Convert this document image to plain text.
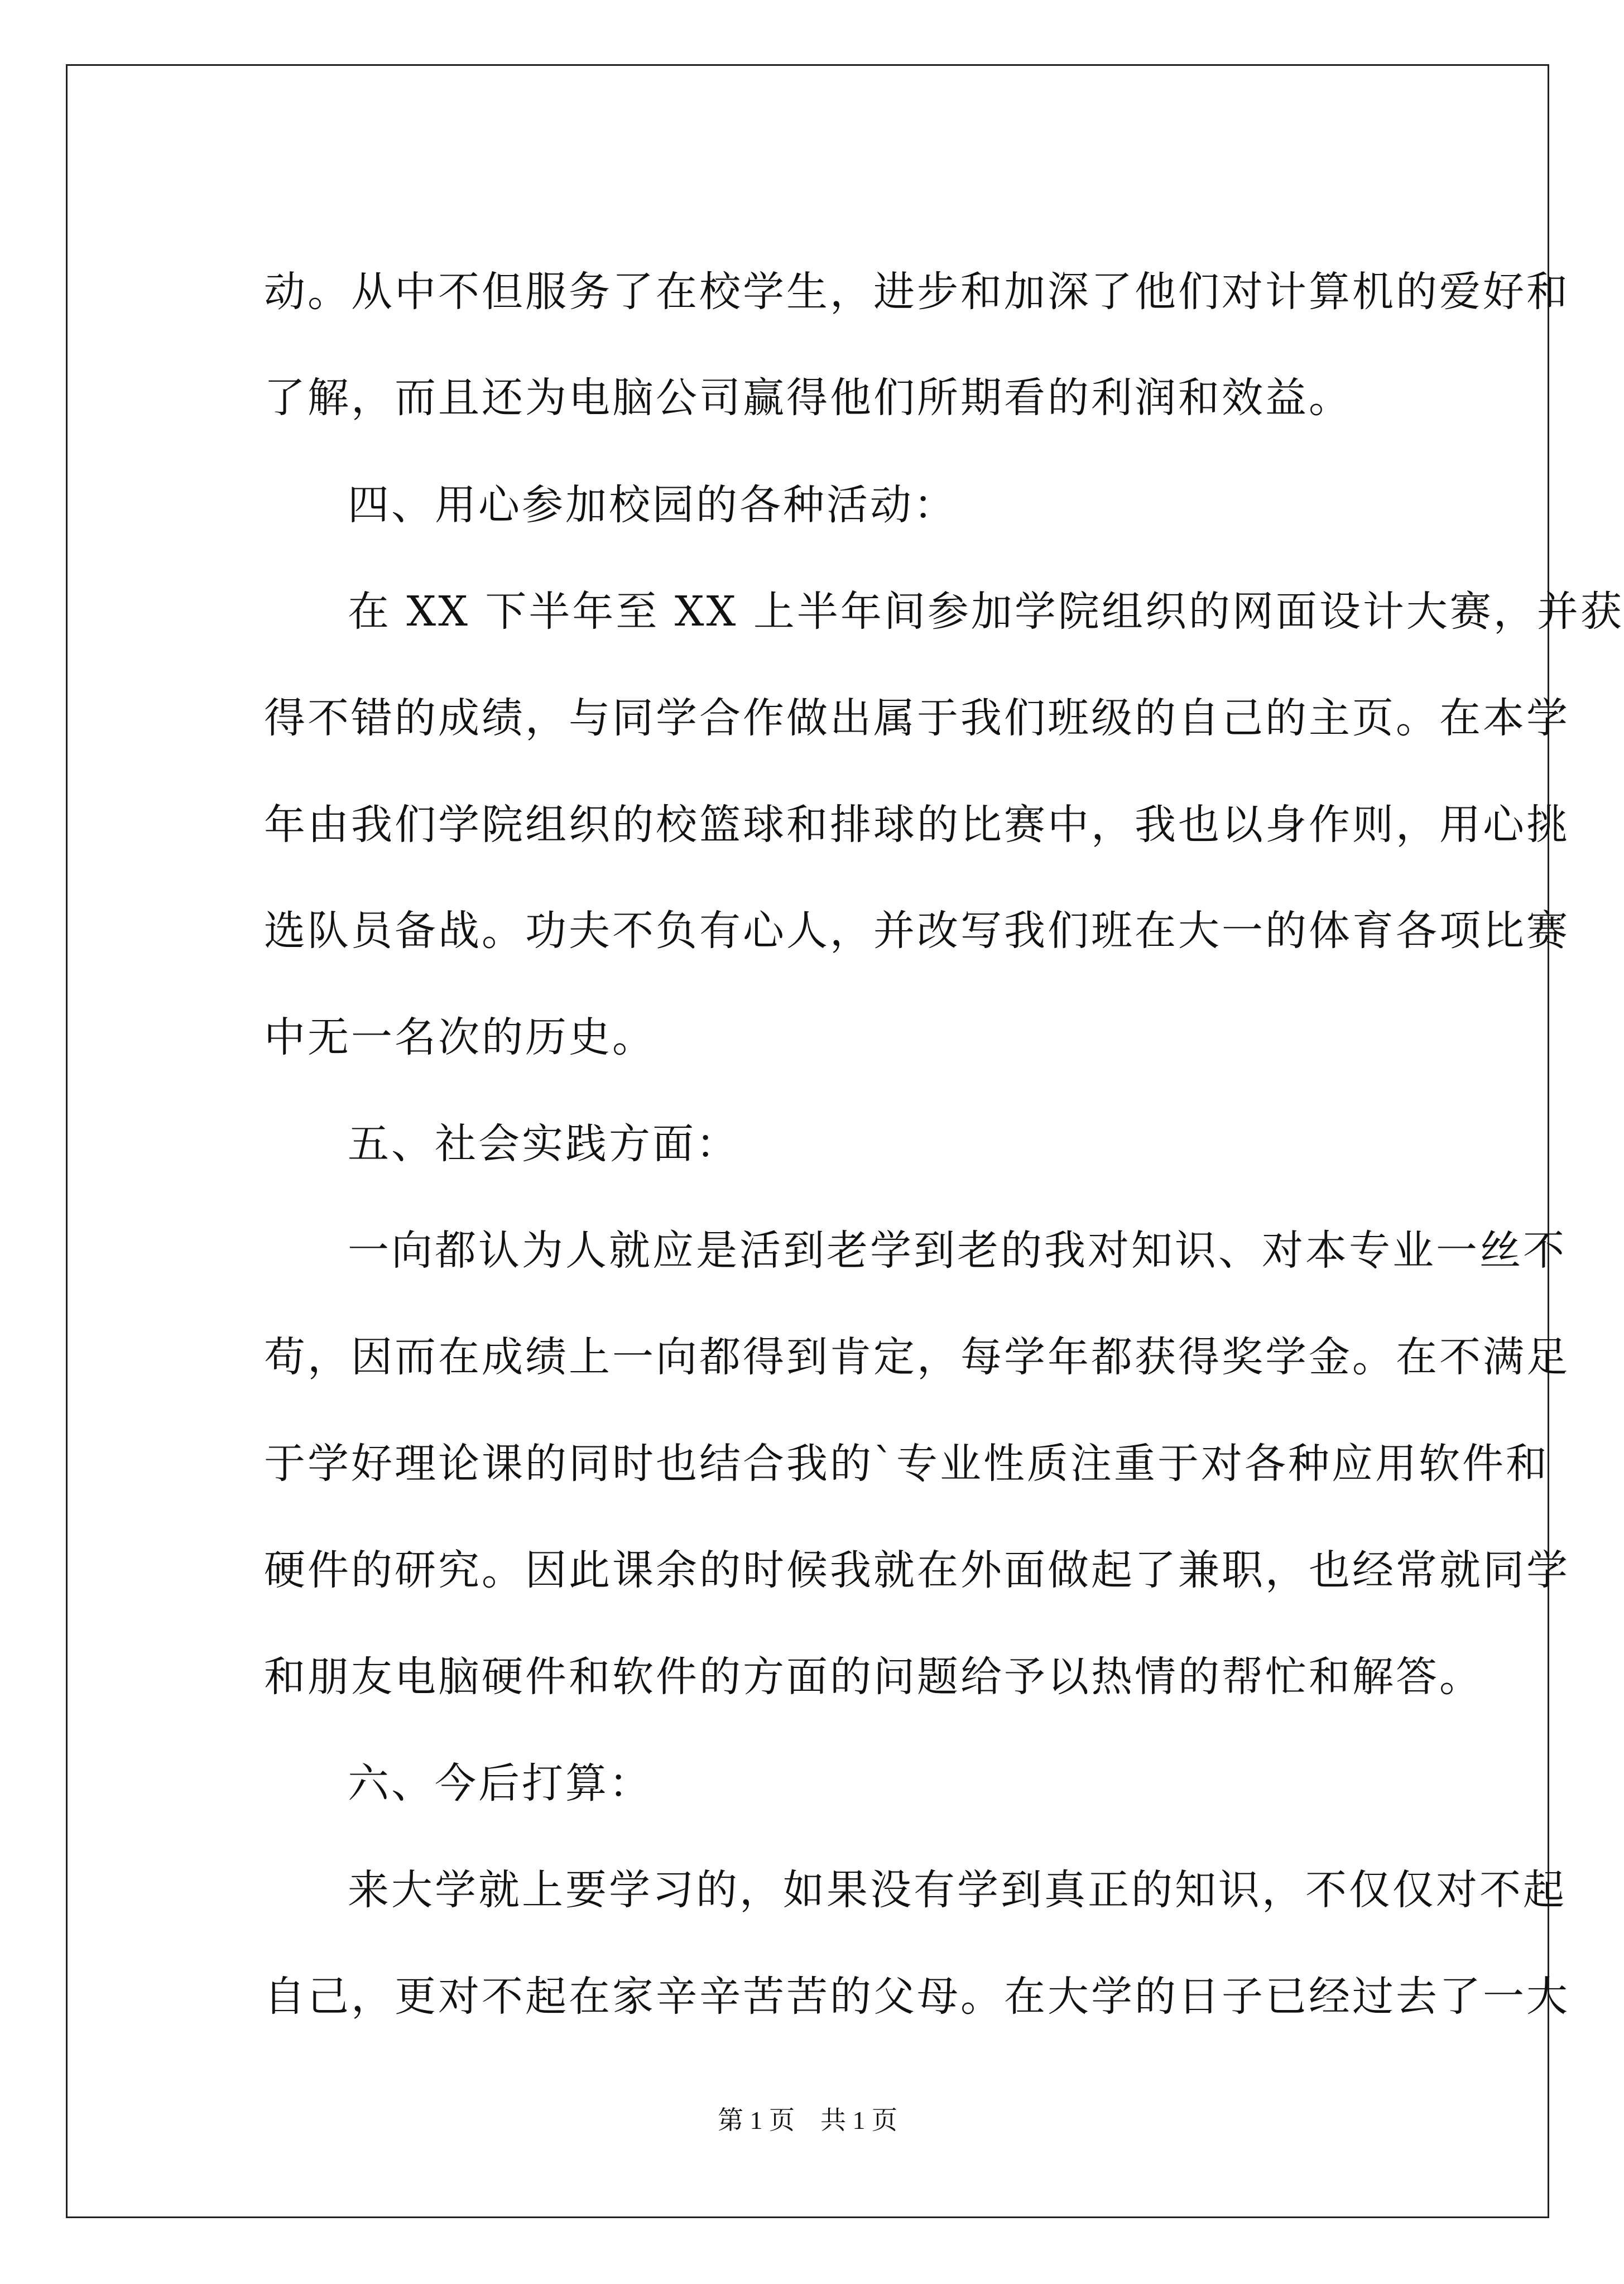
动。从中不但服务了在校学生，进步和加深了他们对计算机的爱好和
了解，而且还为电脑公司赢得他们所期看的利润和效益。
四、用心参加校园的各种活动：
在 XX 下半年至 XX 上半年间参加学院组织的网面设计大赛，并获
得不错的成绩，与同学合作做出属于我们班级的自己的主页。在本学
年由我们学院组织的校篮球和排球的比赛中，我也以身作则，用心挑
选队员备战。功夫不负有心人，并改写我们班在大一的体育各项比赛
中无一名次的历史。
五、社会实践方面：
一向都认为人就应是活到老学到老的我对知识、对本专业一丝不
苟，因而在成绩上一向都得到肯定，每学年都获得奖学金。在不满足
于学好理论课的同时也结合我的`专业性质注重于对各种应用软件和
硬件的研究。因此课余的时候我就在外面做起了兼职，也经常就同学
和朋友电脑硬件和软件的方面的问题给予以热情的帮忙和解答。
六、今后打算：
来大学就上要学习的，如果没有学到真正的知识，不仅仅对不起
自己，更对不起在家辛辛苦苦的父母。在大学的日子已经过去了一大
第 1 页　共 1 页
